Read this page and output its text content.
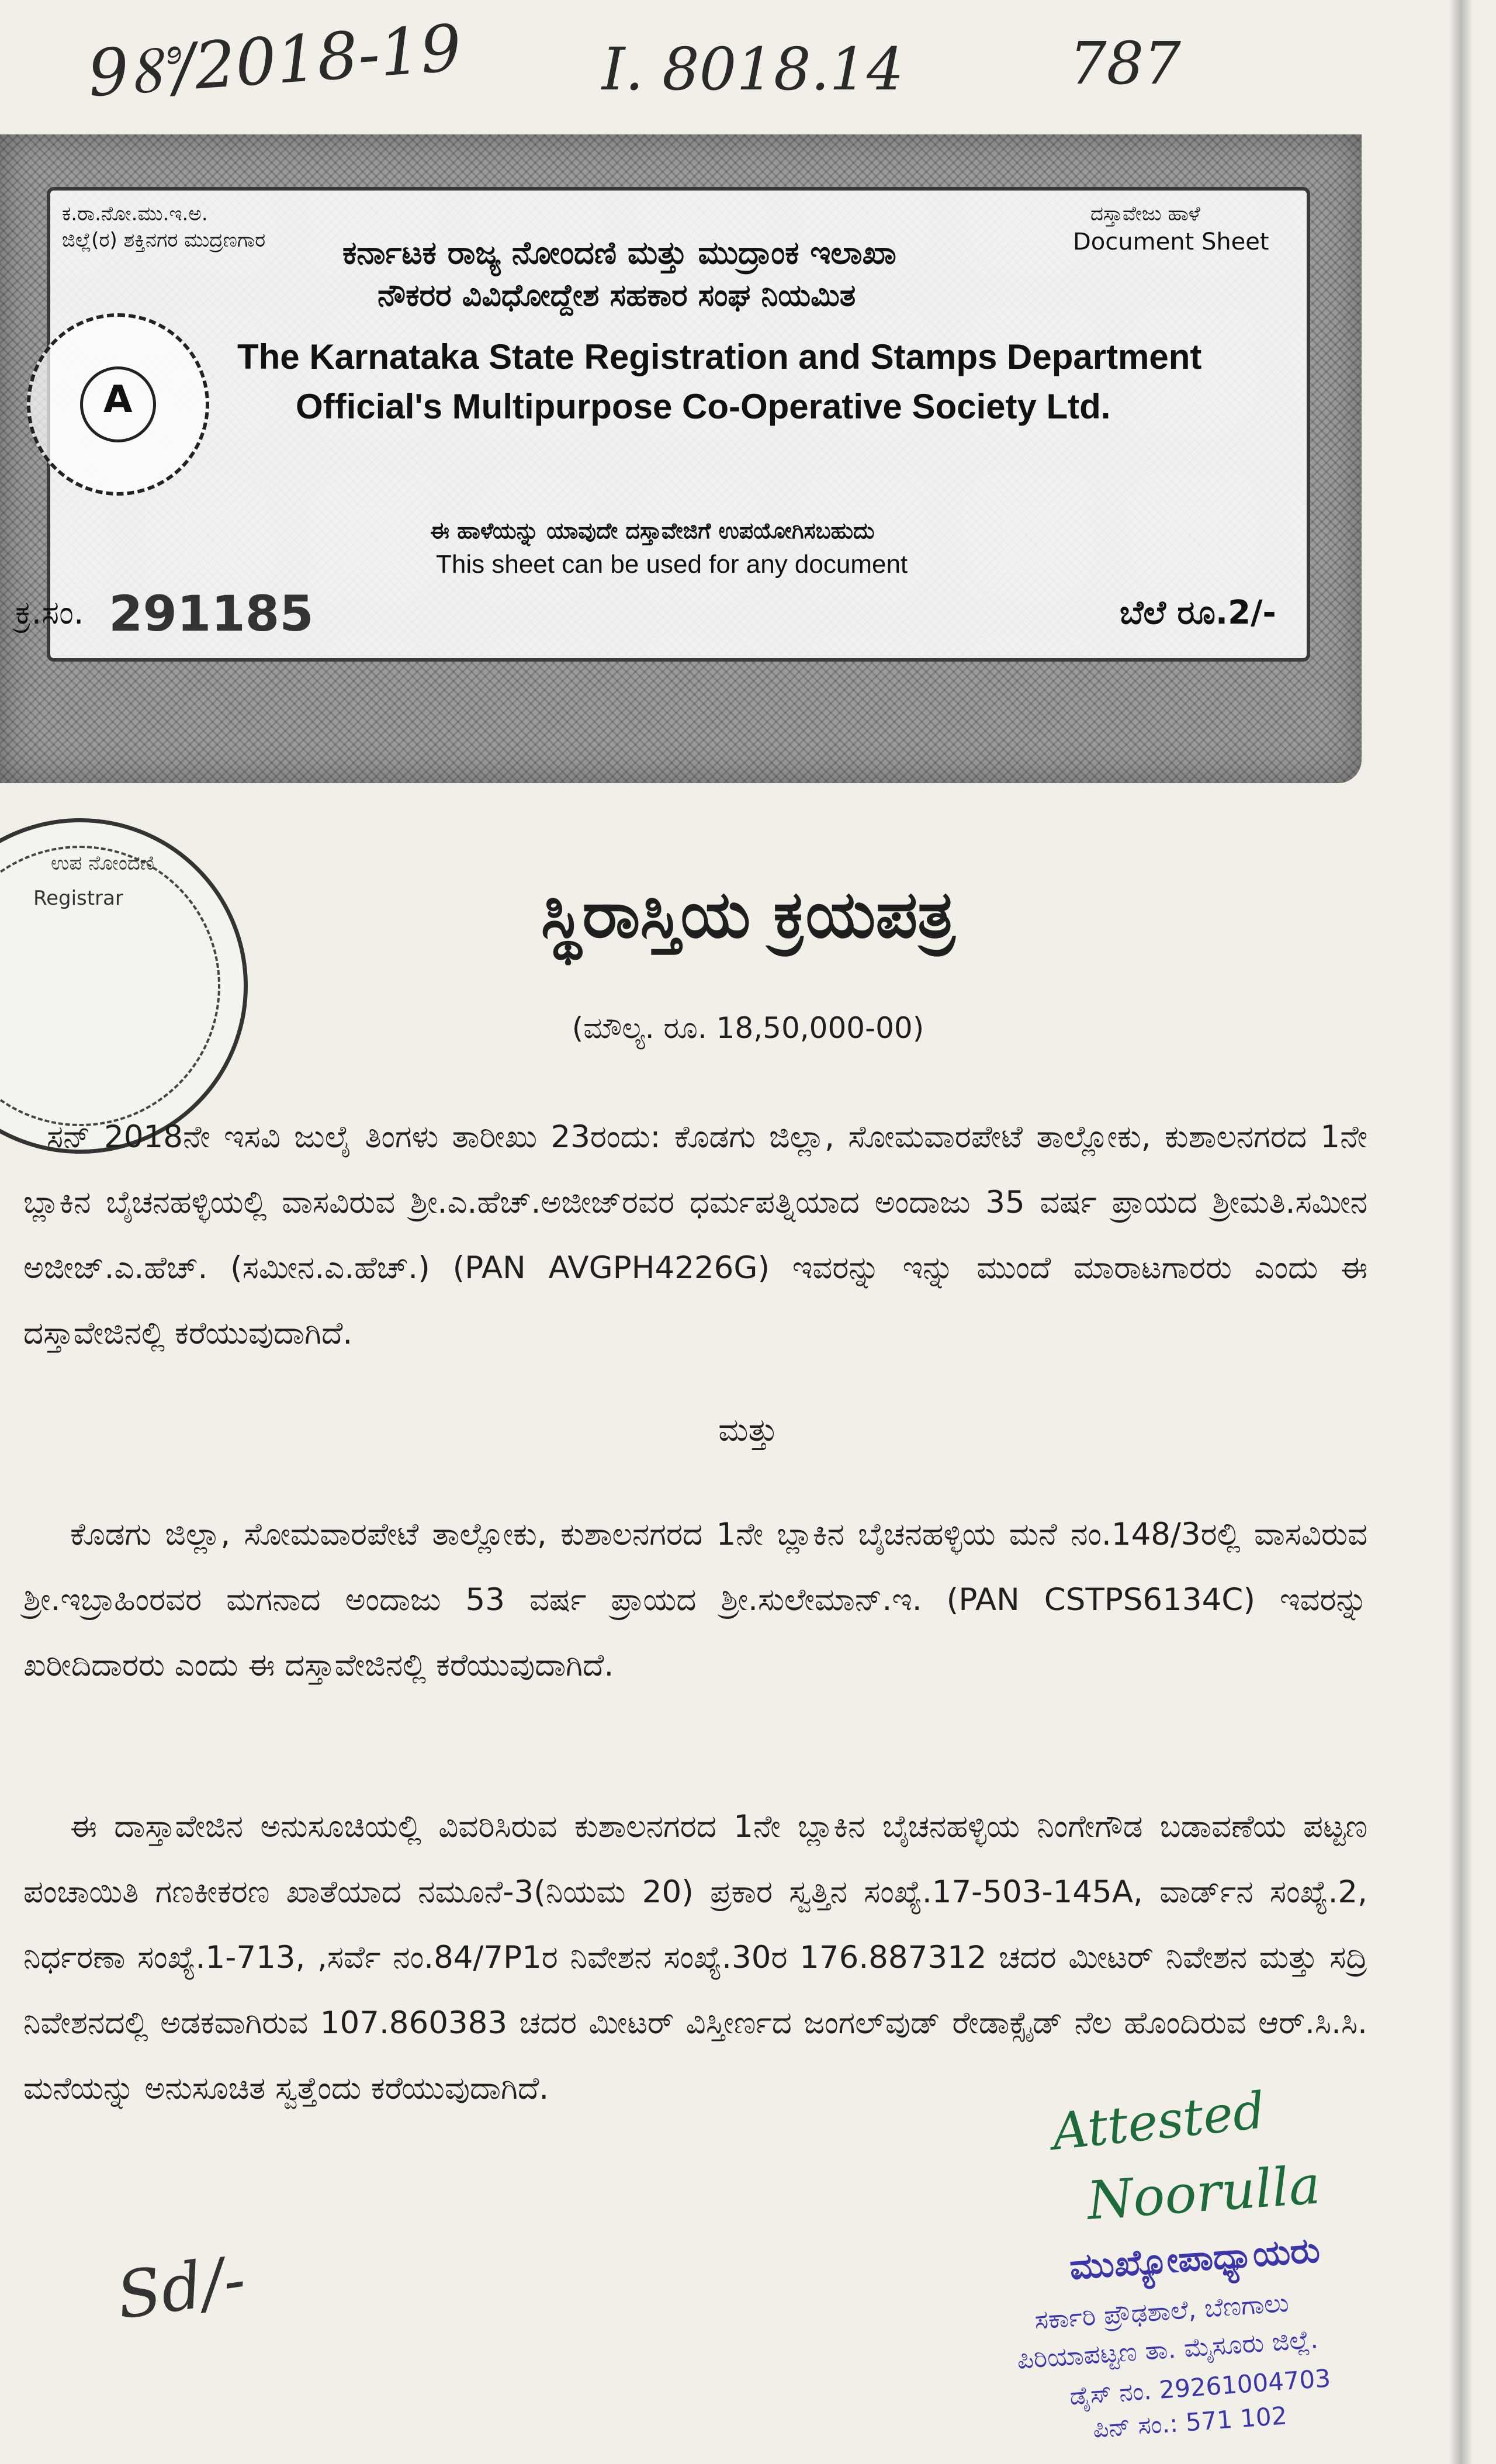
98ಿ/2018-19 I. 8018.14	787
ಕ.ರಾ.ನೋ.ಮು.ಇ.ಅ.
ಜಿಲ್ಲೆ(ರ) ಶಕ್ತಿನಗರ ಮುದ್ರಣಗಾರ ಕರ್ನಾಟಕ ರಾಜ್ಯ ನೋಂದಣಿ ಮತ್ತು ಮುದ್ರಾಂಕ ಇಲಾಖಾ
ನೌಕರರ ವಿವಿಧೋದ್ದೇಶ ಸಹಕಾರ ಸಂಘ ನಿಯಮಿತ
ದಸ್ತಾವೇಜು ಹಾಳೆ
Document Sheet
A
The Karnataka State Registration and Stamps Department
Official's Multipurpose Co-Operative Society Ltd.
ಈ ಹಾಳೆಯನ್ನು ಯಾವುದೇ ದಸ್ತಾವೇಜಿಗೆ ಉಪಯೋಗಿಸಬಹುದು
This sheet can be used for any document
ಕ್ರ.ಸಂ. 291185	ಬೆಲೆ ರೂ.2/-
ಉಪ ನೋಂದಣಿ
Registrar	ಸ್ಥಿರಾಸ್ತಿಯ ಕ್ರಯಪತ್ರ
(ಮೌಲ್ಯ. ರೂ. 18,50,000-00)
ಸನ್ 2018ನೇ ಇಸವಿ ಜುಲೈ ತಿಂಗಳು ತಾರೀಖು 23ರಂದು: ಕೊಡಗು ಜಿಲ್ಲಾ, ಸೋಮವಾರಪೇಟೆ ತಾಲ್ಲೋಕು, ಕುಶಾಲನಗರದ 1ನೇ ಬ್ಲಾಕಿನ ಬೈಚನಹಳ್ಳಿಯಲ್ಲಿ ವಾಸವಿರುವ ಶ್ರೀ.ಎ.ಹೆಚ್.ಅಜೀಜ್‌ರವರ ಧರ್ಮಪತ್ನಿಯಾದ ಅಂದಾಜು 35 ವರ್ಷ ಪ್ರಾಯದ ಶ್ರೀಮತಿ.ಸಮೀನ ಅಜೀಜ್.ಎ.ಹೆಚ್. (ಸಮೀನ.ಎ.ಹೆಚ್.) (PAN AVGPH4226G) ಇವರನ್ನು ಇನ್ನು ಮುಂದೆ ಮಾರಾಟಗಾರರು ಎಂದು ಈ ದಸ್ತಾವೇಜಿನಲ್ಲಿ ಕರೆಯುವುದಾಗಿದೆ.
ಮತ್ತು
ಕೊಡಗು ಜಿಲ್ಲಾ, ಸೋಮವಾರಪೇಟೆ ತಾಲ್ಲೋಕು, ಕುಶಾಲನಗರದ 1ನೇ ಬ್ಲಾಕಿನ ಬೈಚನಹಳ್ಳಿಯ ಮನೆ ನಂ.148/3ರಲ್ಲಿ ವಾಸವಿರುವ ಶ್ರೀ.ಇಬ್ರಾಹಿಂರವರ ಮಗನಾದ ಅಂದಾಜು 53 ವರ್ಷ ಪ್ರಾಯದ ಶ್ರೀ.ಸುಲೇಮಾನ್.ಇ. (PAN CSTPS6134C) ಇವರನ್ನು ಖರೀದಿದಾರರು ಎಂದು ಈ ದಸ್ತಾವೇಜಿನಲ್ಲಿ ಕರೆಯುವುದಾಗಿದೆ.
ಈ ದಾಸ್ತಾವೇಜಿನ ಅನುಸೂಚಿಯಲ್ಲಿ ವಿವರಿಸಿರುವ ಕುಶಾಲನಗರದ 1ನೇ ಬ್ಲಾಕಿನ ಬೈಚನಹಳ್ಳಿಯ ನಿಂಗೇಗೌಡ ಬಡಾವಣೆಯ ಪಟ್ಟಣ ಪಂಚಾಯಿತಿ ಗಣಕೀಕರಣ ಖಾತೆಯಾದ ನಮೂನೆ-3(ನಿಯಮ 20) ಪ್ರಕಾರ ಸ್ವತ್ತಿನ ಸಂಖ್ಯೆ.17-503-145A, ವಾರ್ಡ್‌ನ ಸಂಖ್ಯೆ.2, ನಿರ್ಧರಣಾ ಸಂಖ್ಯೆ.1-713, ,ಸರ್ವೆ ನಂ.84/7P1ರ ನಿವೇಶನ ಸಂಖ್ಯೆ.30ರ 176.887312 ಚದರ ಮೀಟರ್ ನಿವೇಶನ ಮತ್ತು ಸದ್ರಿ ನಿವೇಶನದಲ್ಲಿ ಅಡಕವಾಗಿರುವ 107.860383 ಚದರ ಮೀಟರ್ ವಿಸ್ತೀರ್ಣದ ಜಂಗಲ್‌ವುಡ್ ರೇಡಾಕ್ಸೈಡ್ ನೆಲ ಹೊಂದಿರುವ ಆರ್.ಸಿ.ಸಿ. ಮನೆಯನ್ನು ಅನುಸೂಚಿತ ಸ್ವತ್ತೆಂದು ಕರೆಯುವುದಾಗಿದೆ.	Attested
Noorulla
ಮುಖ್ಯೋಪಾಧ್ಯಾಯರು
ಸರ್ಕಾರಿ ಪ್ರೌಢಶಾಲೆ, ಬೆಣಗಾಲು
ಪಿರಿಯಾಪಟ್ಟಣ ತಾ. ಮೈಸೂರು ಜಿಲ್ಲೆ.
ಡೈಸ್ ನಂ. 29261004703
ಪಿನ್ ಸಂ.: 571 102
Sd/-
